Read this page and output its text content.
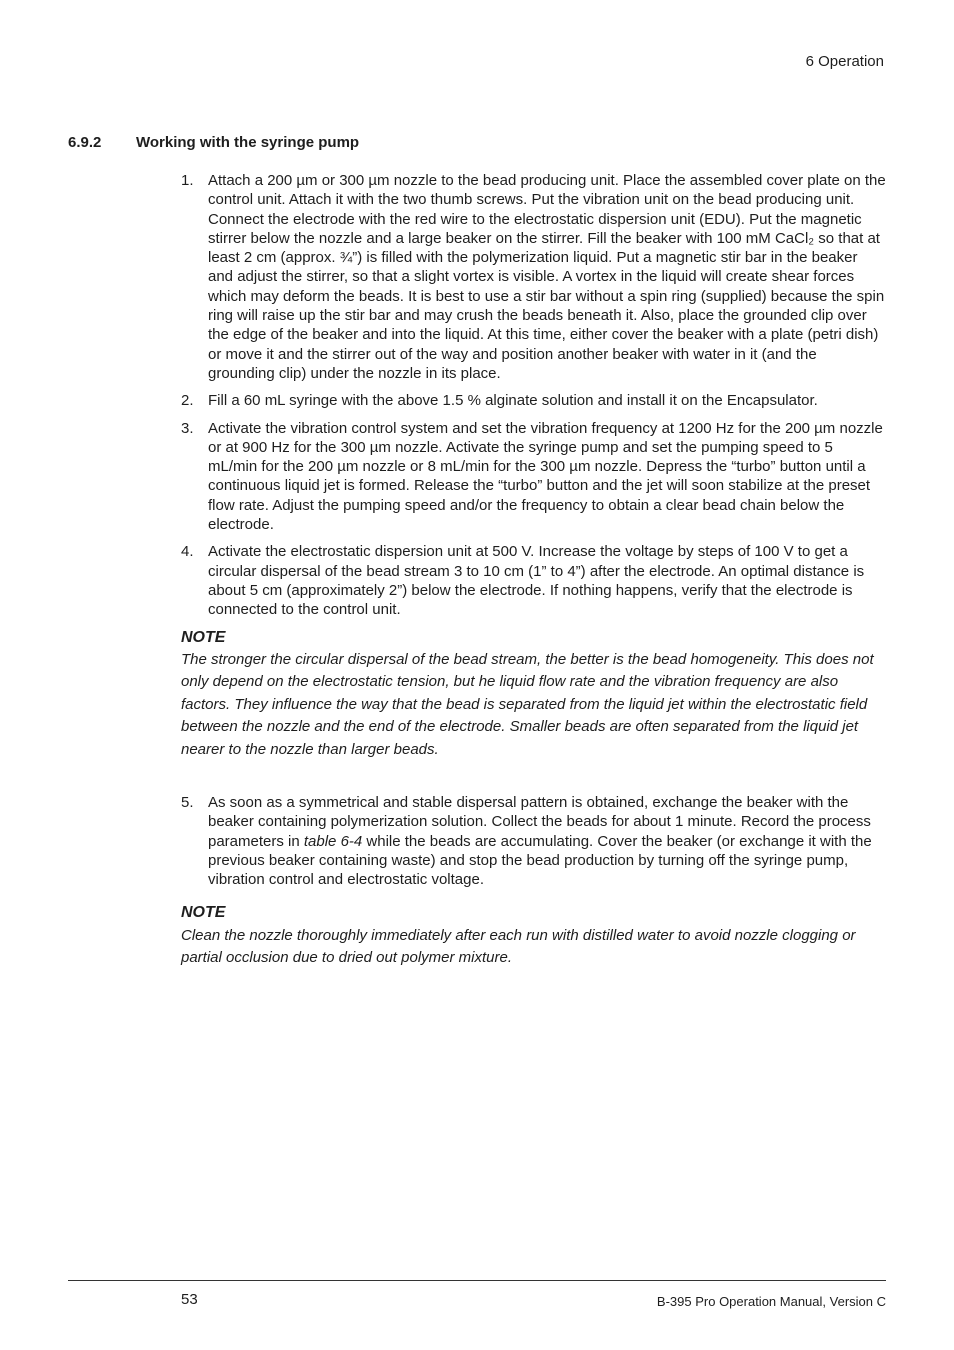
6 Operation
6.9.2 Working with the syringe pump
1. Attach a 200 µm or 300 µm nozzle to the bead producing unit. Place the assembled cover plate on the control unit. Attach it with the two thumb screws. Put the vibration unit on the bead producing unit. Connect the electrode with the red wire to the electrostatic dispersion unit (EDU). Put the magnetic stirrer below the nozzle and a large beaker on the stirrer. Fill the beaker with 100 mM CaCl₂ so that at least 2 cm (approx. ¾”) is filled with the polymerization liquid. Put a magnetic stir bar in the beaker and adjust the stirrer, so that a slight vortex is visible. A vortex in the liquid will create shear forces which may deform the beads. It is best to use a stir bar without a spin ring (supplied) because the spin ring will raise up the stir bar and may crush the beads beneath it. Also, place the grounded clip over the edge of the beaker and into the liquid. At this time, either cover the beaker with a plate (petri dish) or move it and the stirrer out of the way and position another beaker with water in it (and the grounding clip) under the nozzle in its place.
2. Fill a 60 mL syringe with the above 1.5 % alginate solution and install it on the Encapsulator.
3. Activate the vibration control system and set the vibration frequency at 1200 Hz for the 200 µm nozzle or at 900 Hz for the 300 µm nozzle. Activate the syringe pump and set the pumping speed to 5 mL/min for the 200 µm nozzle or 8 mL/min for the 300 µm nozzle. Depress the “turbo” button until a continuous liquid jet is formed. Release the “turbo” button and the jet will soon stabilize at the preset flow rate. Adjust the pumping speed and/or the frequency to obtain a clear bead chain below the electrode.
4. Activate the electrostatic dispersion unit at 500 V. Increase the voltage by steps of 100 V to get a circular dispersal of the bead stream 3 to 10 cm (1” to 4”) after the electrode. An optimal distance is about 5 cm (approximately 2”) below the electrode. If nothing happens, verify that the electrode is connected to the control unit.
NOTE
The stronger the circular dispersal of the bead stream, the better is the bead homogeneity. This does not only depend on the electrostatic tension, but he liquid flow rate and the vibration frequency are also factors. They influence the way that the bead is separated from the liquid jet within the electrostatic field between the nozzle and the end of the electrode. Smaller beads are often separated from the liquid jet nearer to the nozzle than larger beads.
5. As soon as a symmetrical and stable dispersal pattern is obtained, exchange the beaker with the beaker containing polymerization solution. Collect the beads for about 1 minute. Record the process parameters in table 6-4 while the beads are accumulating. Cover the beaker (or exchange it with the previous beaker containing waste) and stop the bead production by turning off the syringe pump, vibration control and electrostatic voltage.
NOTE
Clean the nozzle thoroughly immediately after each run with distilled water to avoid nozzle clogging or partial occlusion due to dried out polymer mixture.
53	B-395 Pro Operation Manual, Version C
